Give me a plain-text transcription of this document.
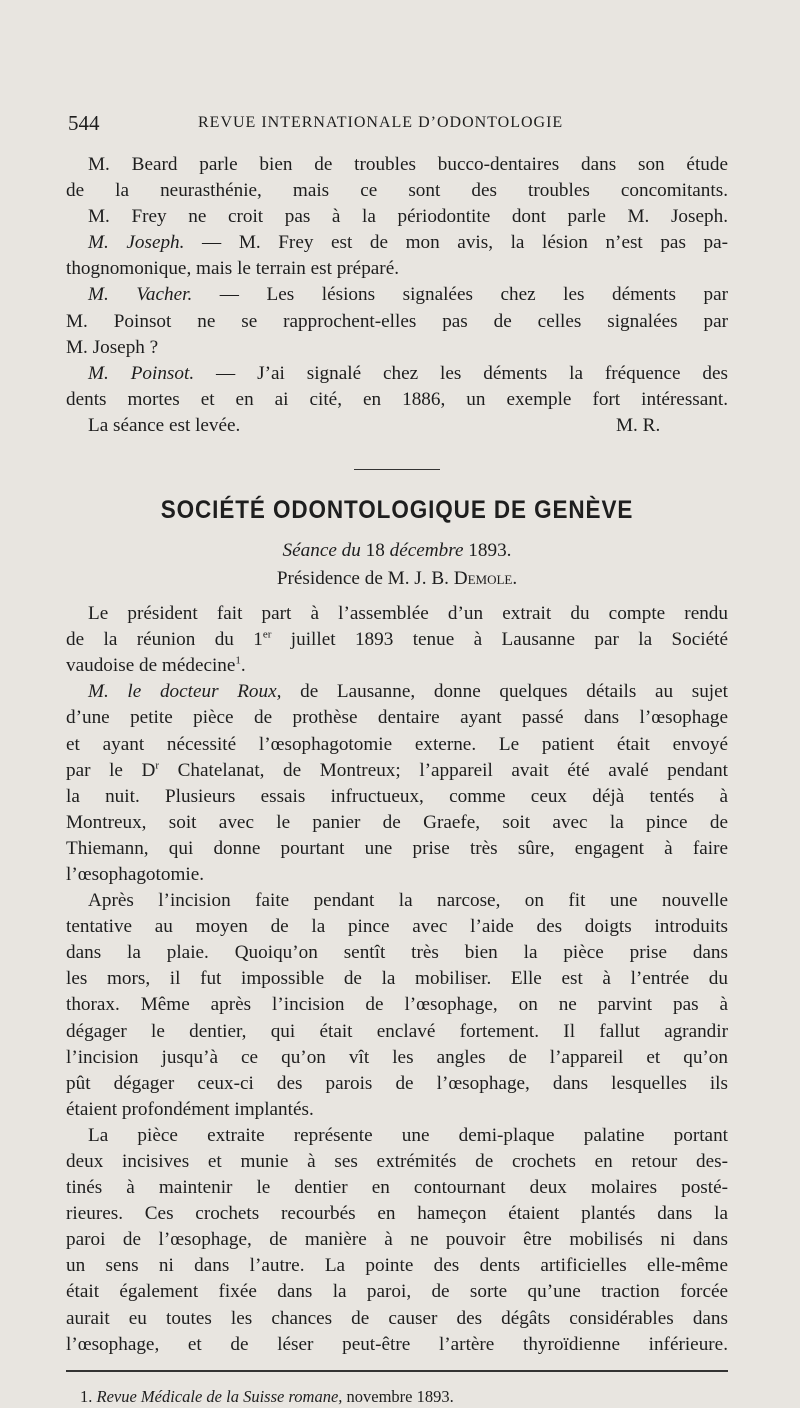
544	REVUE INTERNATIONALE D’ODONTOLOGIE

M. Beard parle bien de troubles bucco-dentaires dans son étude

de la neurasthénie, mais ce sont des troubles concomitants.

M. Frey ne croit pas à la périodontite dont parle M. Joseph.

M. Joseph. — M. Frey est de mon avis, la lésion n’est pas pa-

thognomonique, mais le terrain est préparé.

M. Vacher. — Les lésions signalées chez les déments par

M. Poinsot ne se rapprochent-elles pas de celles signalées par

M. Joseph ?

M. Poinsot. — J’ai signalé chez les déments la fréquence des

dents mortes et en ai cité, en 1886, un exemple fort intéressant.

La séance est levée.	M. R.

SOCIÉTÉ ODONTOLOGIQUE DE GENÈVE

Séance du 18 décembre 1893.

Présidence de M. J. B. Demole.

Le président fait part à l’assemblée d’un extrait du compte rendu

de la réunion du 1er juillet 1893 tenue à Lausanne par la Société

vaudoise de médecine$^1$.

M. le docteur Roux, de Lausanne, donne quelques détails au sujet

d’une petite pièce de prothèse dentaire ayant passé dans l’œsophage

et ayant nécessité l’œsophagotomie externe. Le patient était envoyé

par le $D^r$ Chatelanat, de Montreux; l’appareil avait été avalé pendant

la nuit. Plusieurs essais infructueux, comme ceux déjà tentés à

Montreux, soit avec le panier de Graefe, soit avec la pince de

Thiemann, qui donne pourtant une prise très sûre, engagent à faire

l’œsophagotomie.

Après l’incision faite pendant la narcose, on fit une nouvelle

tentative au moyen de la pince avec l’aide des doigts introduits

dans la plaie. Quoiqu’on sentît très bien la pièce prise dans

les mors, il fut impossible de la mobiliser. Elle est à l’entrée du

thorax. Même après l’incision de l’œsophage, on ne parvint pas à

dégager le dentier, qui était enclavé fortement. Il fallut agrandir

l’incision jusqu’à ce qu’on vît les angles de l’appareil et qu’on

pût dégager ceux-ci des parois de l’œsophage, dans lesquelles ils

étaient profondément implantés.

La pièce extraite représente une demi-plaque palatine portant

deux incisives et munie à ses extrémités de crochets en retour des-

tinés à maintenir le dentier en contournant deux molaires posté-

rieures. Ces crochets recourbés en hameçon étaient plantés dans la

paroi de l’œsophage, de manière à ne pouvoir être mobilisés ni dans

un sens ni dans l’autre. La pointe des dents artificielles elle-même

était également fixée dans la paroi, de sorte qu’une traction forcée

aurait eu toutes les chances de causer des dégâts considérables dans

l’œsophage, et de léser peut-être l’artère thyroïdienne inférieure.

1. Revue Médicale de la Suisse romane, novembre 1893.
